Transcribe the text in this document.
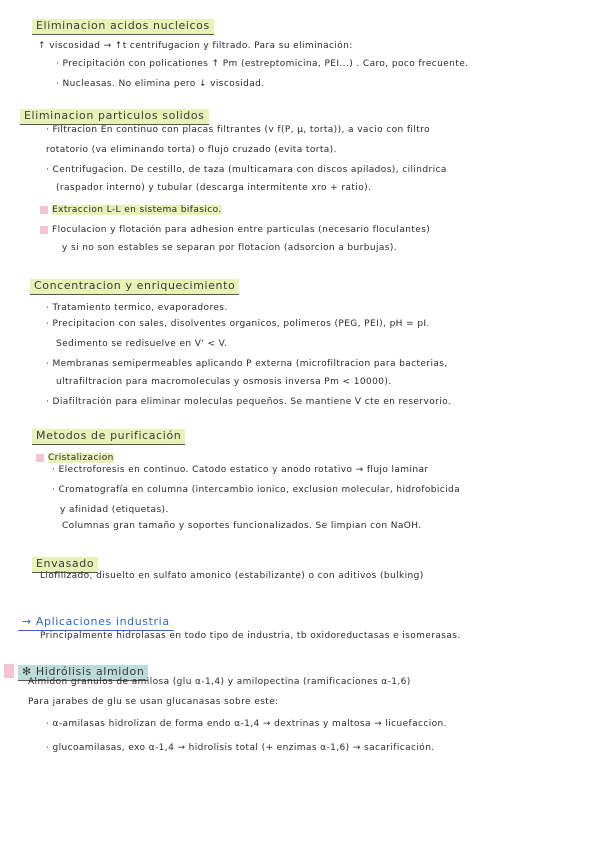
Eliminacion acidos nucleicos
↑ viscosidad → ↑t centrifugacion y filtrado. Para su eliminación:
· Precipitación con policationes ↑ Pm (estreptomicina, PEI...) . Caro, poco frecuente.
· Nucleasas. No elimina pero ↓ viscosidad.
Eliminacion particulos solidos
· Filtracion En continuo con placas filtrantes (v f(P, μ, torta)), a vacio con filtro
rotatorio (va eliminando torta) o flujo cruzado (evita torta).
· Centrifugacion. De cestillo, de taza (multicamara con discos apilados), cilindrica
(raspador interno) y tubular (descarga intermitente xro + ratio).
Extraccion L-L en sistema bifasico.
Floculacion y flotación para adhesion entre particulas (necesario floculantes)
y si no son estables se separan por flotacion (adsorcion a burbujas).
Concentracion y enriquecimiento
· Tratamiento termico, evaporadores.
· Precipitacion con sales, disolventes organicos, polimeros (PEG, PEI), pH = pI.
Sedimento se redisuelve en V' < V.
· Membranas semipermeables aplicando P externa (microfiltracion para bacterias,
ultrafiltracion para macromoleculas y osmosis inversa Pm < 10000).
· Diafiltración para eliminar moleculas pequeños. Se mantiene V cte en reservorio.
Metodos de purificación
Cristalizacion
· Electroforesis en continuo. Catodo estatico y anodo rotativo → flujo laminar
· Cromatografía en columna (intercambio ionico, exclusion molecular, hidrofobicida
y afinidad (etiquetas).
Columnas gran tamaño y soportes funcionalizados. Se limpian con NaOH.
Envasado
Liofilizado, disuelto en sulfato amonico (estabilizante) o con aditivos (bulking)
→ Aplicaciones industria
Principalmente hidrolasas en todo tipo de industria, tb oxidoreductasas e isomerasas.
✻ Hidrólisis almidon
Almidon granulos de amilosa (glu α-1,4) y amilopectina (ramificaciones α-1,6)
Para jarabes de glu se usan glucanasas sobre este:
· α-amilasas hidrolizan de forma endo α-1,4 → dextrinas y maltosa → licuefaccion.
· glucoamilasas, exo α-1,4 → hidrolisis total (+ enzimas α-1,6) → sacarificación.
